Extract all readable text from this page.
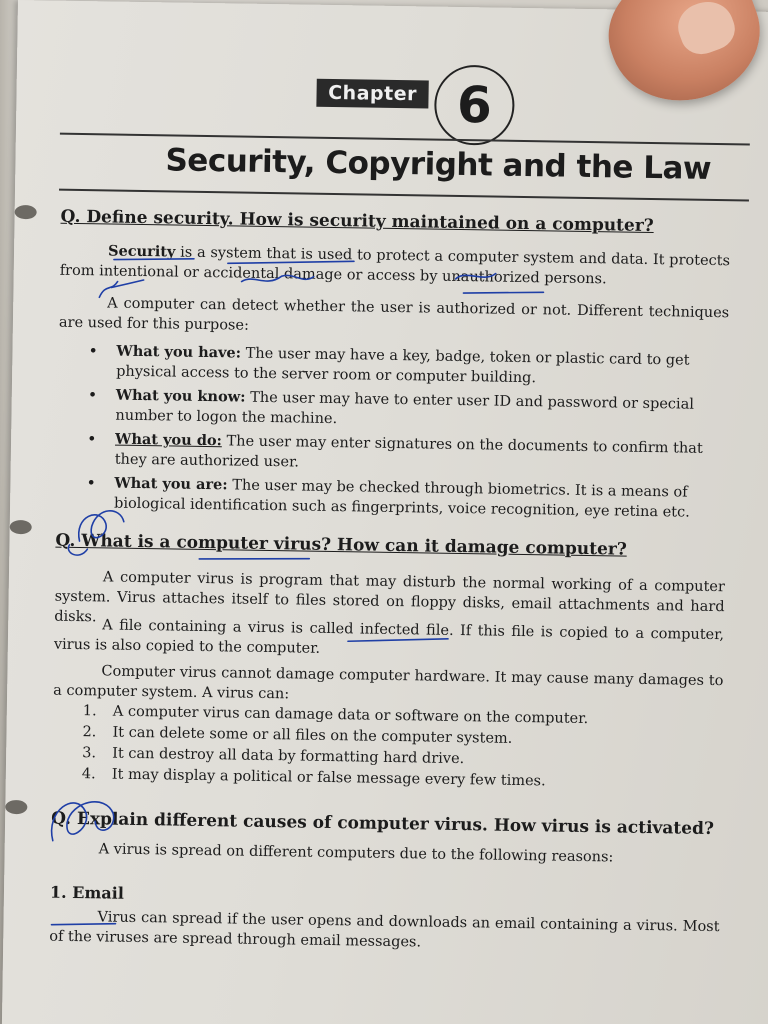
Chapter 6
Security, Copyright and the Law
Q. Define security. How is security maintained on a computer?
Security is a system that is used to protect a computer system and data. It protects from intentional or accidental damage or access by unauthorized persons.
A computer can detect whether the user is authorized or not. Different techniques are used for this purpose:
• What you have: The user may have a key, badge, token or plastic card to get physical access to the server room or computer building.
• What you know: The user may have to enter user ID and password or special number to logon the machine.
• What you do: The user may enter signatures on the documents to confirm that they are authorized user.
• What you are: The user may be checked through biometrics. It is a means of biological identification such as fingerprints, voice recognition, eye retina etc.
Q. What is a computer virus? How can it damage computer?
A computer virus is program that may disturb the normal working of a computer system. Virus attaches itself to files stored on floppy disks, email attachments and hard disks.
A file containing a virus is called infected file. If this file is copied to a computer, virus is also copied to the computer.
Computer virus cannot damage computer hardware. It may cause many damages to a computer system. A virus can:
1. A computer virus can damage data or software on the computer.
2. It can delete some or all files on the computer system.
3. It can destroy all data by formatting hard drive.
4. It may display a political or false message every few times.
Q. Explain different causes of computer virus. How virus is activated?
A virus is spread on different computers due to the following reasons:
1. Email
Virus can spread if the user opens and downloads an email containing a virus. Most of the viruses are spread through email messages.
